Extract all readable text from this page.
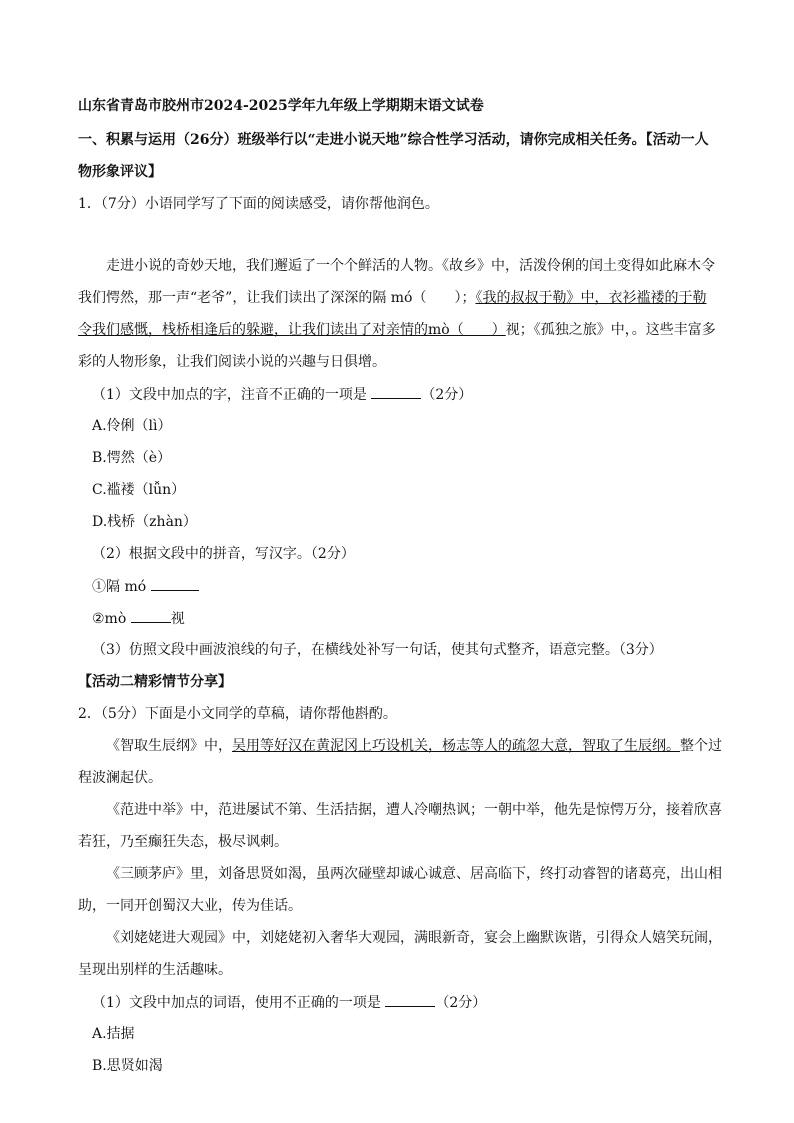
山东省青岛市胶州市2024-2025学年九年级上学期期末语文试卷
一、积累与运用（26分）班级举行以“走进小说天地”综合性学习活动，请你完成相关任务。【活动一人
物形象评议】
1．（7分）小语同学写了下面的阅读感受，请你帮他润色。
走进小说的奇妙天地，我们邂逅了一个个鲜活的人物。《故乡》中，活泼伶俐的闰土变得如此麻木令
我们愕然，那一声“老爷”，让我们读出了深深的隔 mó（　　）；《我的叔叔于勒》中，衣衫褴褛的于勒
令我们感慨，栈桥相逢后的躲避，让我们读出了对亲情的mò（　　）视；《孤独之旅》中，。这些丰富多
彩的人物形象，让我们阅读小说的兴趣与日俱增。
（1）文段中加点的字，注音不正确的一项是	（2分）
A.伶俐（lì）
B.愕然（è）
C.褴褛（lǚn）
D.栈桥（zhàn）
（2）根据文段中的拼音，写汉字。（2分）
①隔 mó
②mò	视
（3）仿照文段中画波浪线的句子，在横线处补写一句话，使其句式整齐，语意完整。（3分）
【活动二精彩情节分享】
2．（5分）下面是小文同学的草稿，请你帮他斟酌。
《智取生辰纲》中，吴用等好汉在黄泥冈上巧设机关，杨志等人的疏忽大意，智取了生辰纲。整个过
程波澜起伏。
《范进中举》中，范进屡试不第、生活拮据，遭人冷嘲热讽；一朝中举，他先是惊愕万分，接着欣喜
若狂，乃至癫狂失态，极尽讽刺。
《三顾茅庐》里，刘备思贤如渴，虽两次碰壁却诚心诚意、居高临下，终打动睿智的诸葛亮，出山相
助，一同开创蜀汉大业，传为佳话。
《刘姥姥进大观园》中，刘姥姥初入奢华大观园，满眼新奇，宴会上幽默诙谐，引得众人嬉笑玩闹，
呈现出别样的生活趣味。
（1）文段中加点的词语，使用不正确的一项是	（2分）
A.拮据
B.思贤如渴
